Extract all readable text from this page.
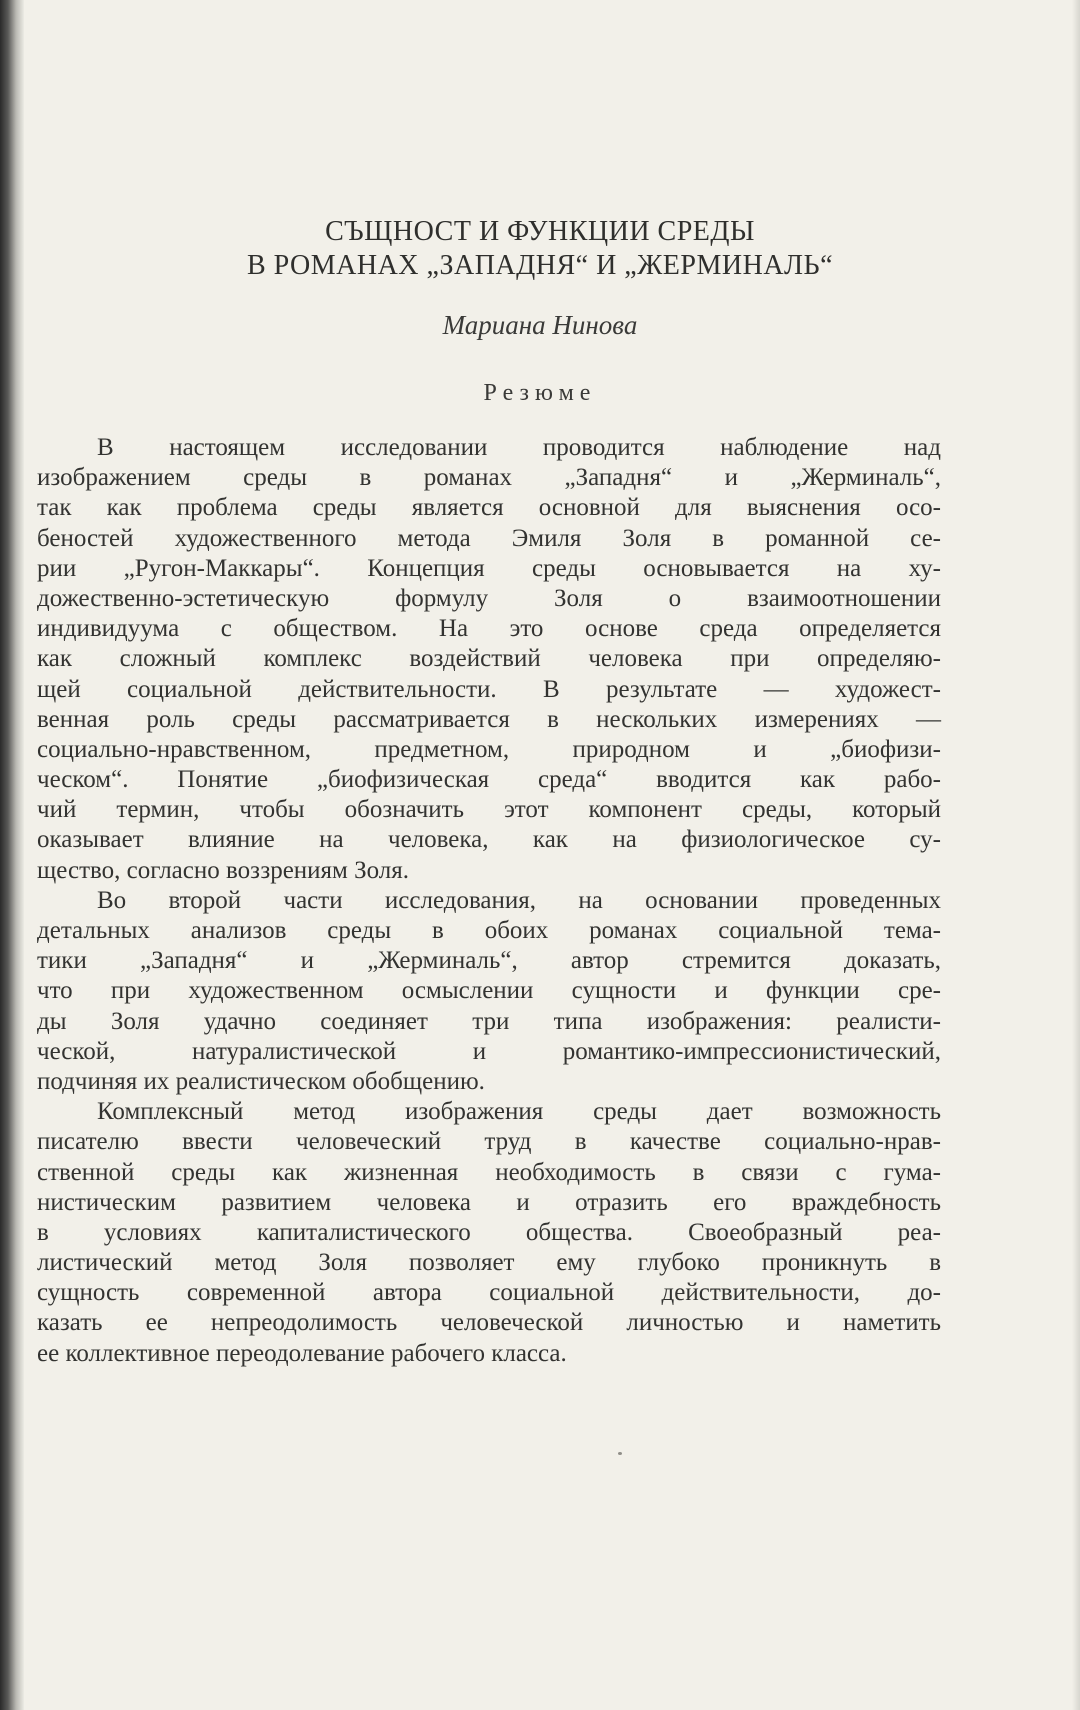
СЪЩНОСТ И ФУНКЦИИ СРЕДЫ
В РОМАНАХ „ЗАПАДНЯ“ И „ЖЕРМИНАЛЬ“
Мариана Нинова
Резюме
В настоящем исследовании проводится наблюдение над
изображением среды в романах „Западня“ и „Жерминаль“,
так как проблема среды является основной для выяснения осо-
беностей художественного метода Эмиля Золя в романной се-
рии „Ругон-Маккары“. Концепция среды основывается на ху-
дожественно-эстетическую формулу Золя о взаимоотношении
индивидуума с обществом. На это основе среда определяется
как сложный комплекс воздействий человека при определяю-
щей социальной действительности. В результате — художест-
венная роль среды рассматривается в нескольких измерениях —
социально-нравственном, предметном, природном и „биофизи-
ческом“. Понятие „биофизическая среда“ вводится как рабо-
чий термин, чтобы обозначить этот компонент среды, который
оказывает влияние на человека, как на физиологическое су-
щество, согласно воззрениям Золя.
Во второй части исследования, на основании проведенных
детальных анализов среды в обоих романах социальной тема-
тики „Западня“ и „Жерминаль“, автор стремится доказать,
что при художественном осмыслении сущности и функции сре-
ды Золя удачно соединяет три типа изображения: реалисти-
ческой, натуралистической и романтико-импрессионистический,
подчиняя их реалистическом обобщению.
Комплексный метод изображения среды дает возможность
писателю ввести человеческий труд в качестве социально-нрав-
ственной среды как жизненная необходимость в связи с гума-
нистическим развитием человека и отразить его враждебность
в условиях капиталистического общества. Своеобразный реа-
листический метод Золя позволяет ему глубоко проникнуть в
сущность современной автора социальной действительности, до-
казать ее непреодолимость человеческой личностью и наметить
ее коллективное переодолевание рабочего класса.
